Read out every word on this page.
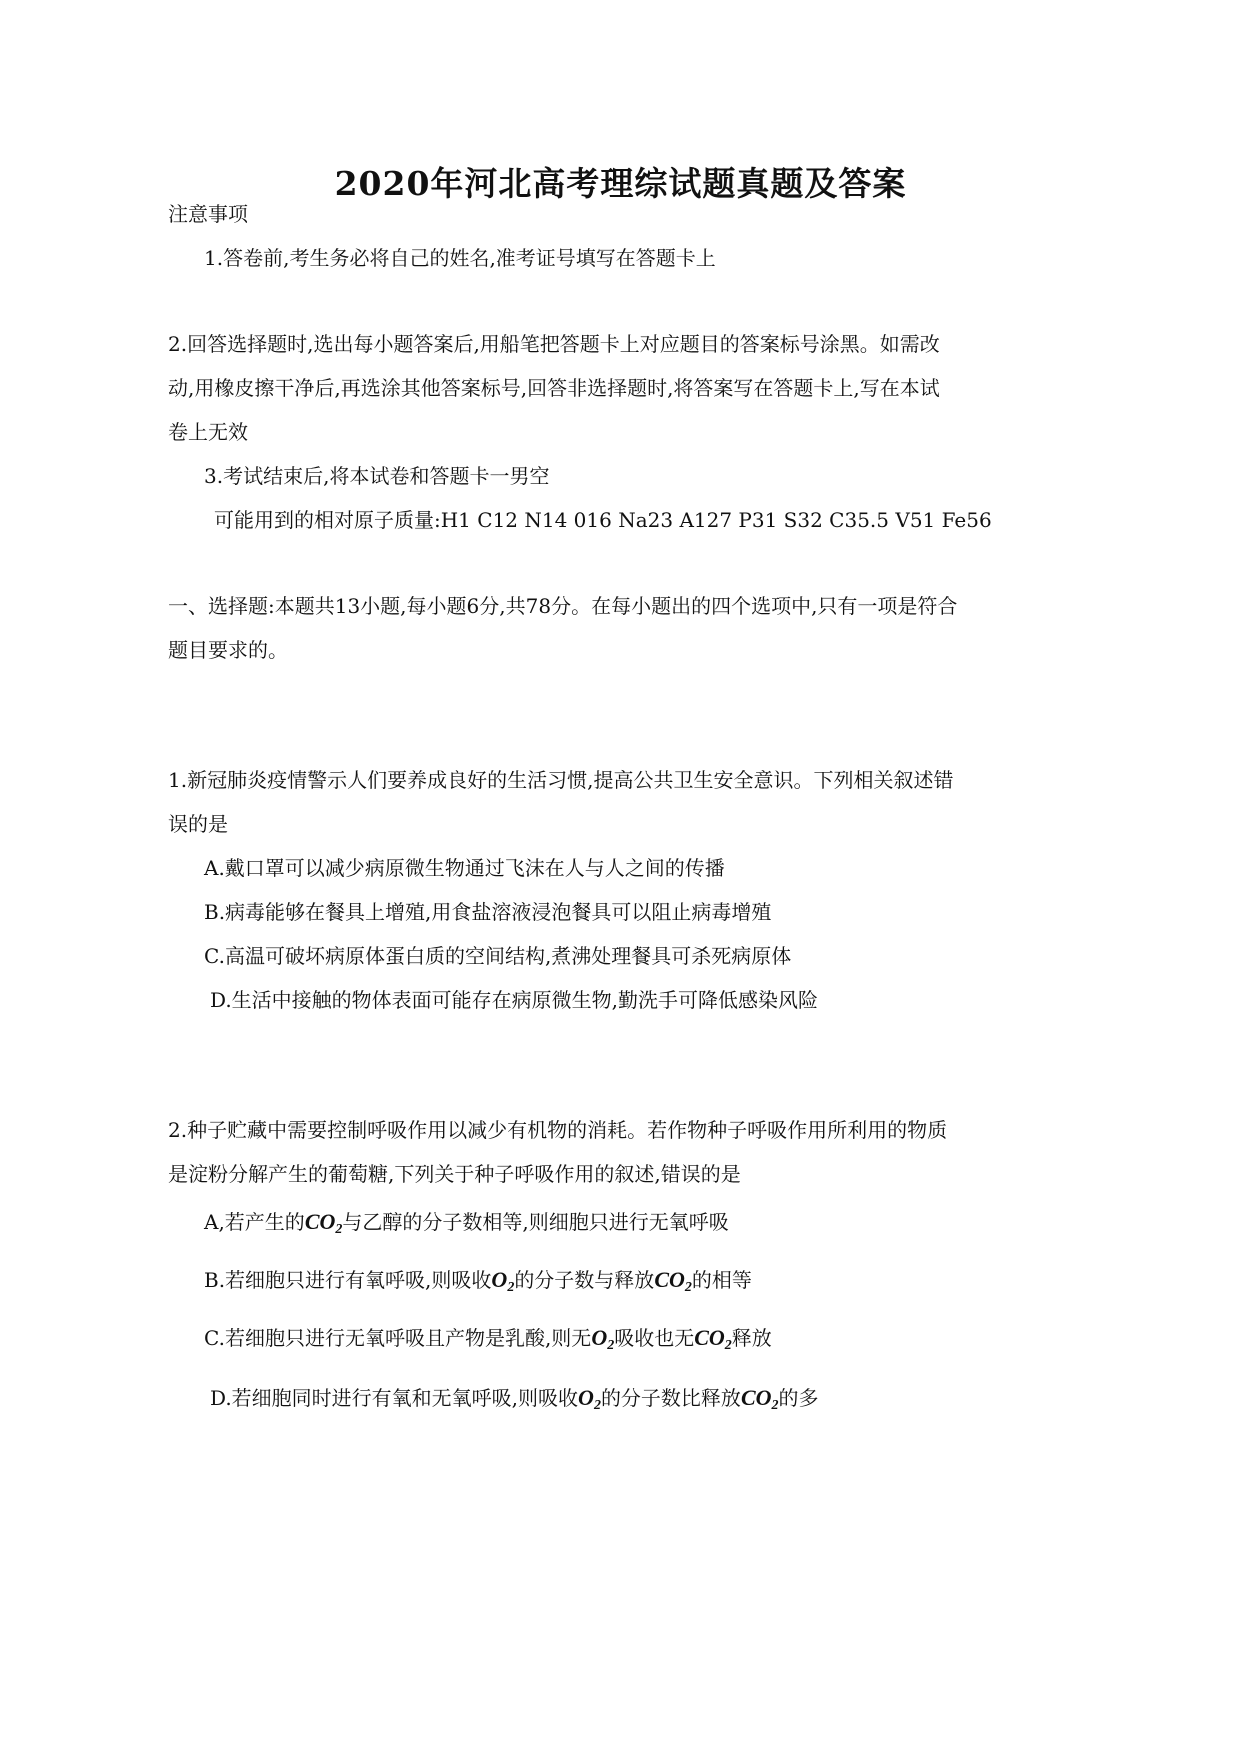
2020年河北高考理综试题真题及答案
注意事项
1.答卷前,考生务必将自己的姓名,准考证号填写在答题卡上
2.回答选择题时,选出每小题答案后,用船笔把答题卡上对应题目的答案标号涂黑。如需改
动,用橡皮擦干净后,再选涂其他答案标号,回答非选择题时,将答案写在答题卡上,写在本试
卷上无效
3.考试结束后,将本试卷和答题卡一男空
可能用到的相对原子质量:H1 C12 N14 016 Na23 A127 P31 S32 C35.5 V51 Fe56
一、选择题:本题共13小题,每小题6分,共78分。在每小题出的四个选项中,只有一项是符合
题目要求的。
1.新冠肺炎疫情警示人们要养成良好的生活习惯,提高公共卫生安全意识。下列相关叙述错
误的是
A.戴口罩可以减少病原微生物通过飞沫在人与人之间的传播
B.病毒能够在餐具上增殖,用食盐溶液浸泡餐具可以阻止病毒增殖
C.高温可破坏病原体蛋白质的空间结构,煮沸处理餐具可杀死病原体
D.生活中接触的物体表面可能存在病原微生物,勤洗手可降低感染风险
2.种子贮藏中需要控制呼吸作用以减少有机物的消耗。若作物种子呼吸作用所利用的物质
是淀粉分解产生的葡萄糖,下列关于种子呼吸作用的叙述,错误的是
A,若产生的$CO_2$与乙醇的分子数相等,则细胞只进行无氧呼吸
B.若细胞只进行有氧呼吸,则吸收$O_2$的分子数与释放$CO_2$的相等
C.若细胞只进行无氧呼吸且产物是乳酸,则无$O_2$吸收也无$CO_2$释放
D.若细胞同时进行有氧和无氧呼吸,则吸收$O_2$的分子数比释放$CO_2$的多
